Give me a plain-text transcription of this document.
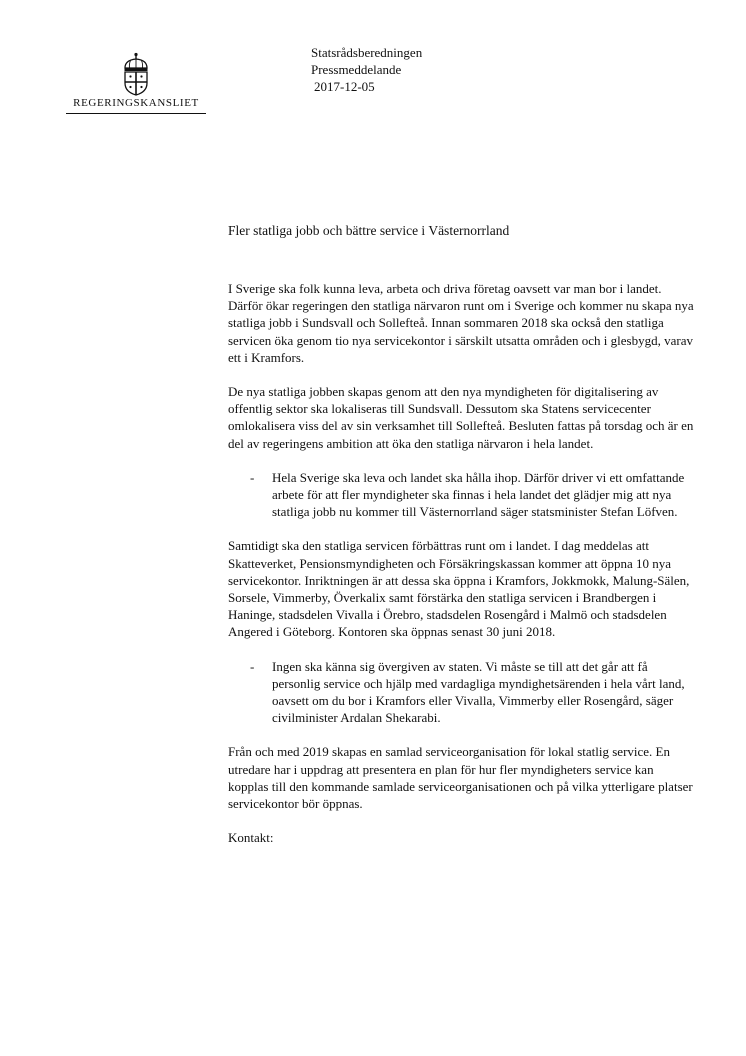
REGERINGSKANSLIET
Statsrådsberedningen
Pressmeddelande
2017-12-05
Fler statliga jobb och bättre service i Västernorrland

I Sverige ska folk kunna leva, arbeta och driva företag oavsett var man bor i landet. Därför ökar regeringen den statliga närvaron runt om i Sverige och kommer nu skapa nya statliga jobb i Sundsvall och Sollefteå. Innan sommaren 2018 ska också den statliga servicen öka genom tio nya servicekontor i särskilt utsatta områden och i glesbygd, varav ett i Kramfors.

De nya statliga jobben skapas genom att den nya myndigheten för digitalisering av offentlig sektor ska lokaliseras till Sundsvall. Dessutom ska Statens servicecenter omlokalisera viss del av sin verksamhet till Sollefteå. Besluten fattas på torsdag och är en del av regeringens ambition att öka den statliga närvaron i hela landet.

- Hela Sverige ska leva och landet ska hålla ihop. Därför driver vi ett omfattande arbete för att fler myndigheter ska finnas i hela landet det glädjer mig att nya statliga jobb nu kommer till Västernorrland säger statsminister Stefan Löfven.

Samtidigt ska den statliga servicen förbättras runt om i landet. I dag meddelas att Skatteverket, Pensionsmyndigheten och Försäkringskassan kommer att öppna 10 nya servicekontor. Inriktningen är att dessa ska öppna i Kramfors, Jokkmokk, Malung-Sälen, Sorsele, Vimmerby, Överkalix samt förstärka den statliga servicen i Brandbergen i Haninge, stadsdelen Vivalla i Örebro, stadsdelen Rosengård i Malmö och stadsdelen Angered i Göteborg. Kontoren ska öppnas senast 30 juni 2018.

- Ingen ska känna sig övergiven av staten. Vi måste se till att det går att få personlig service och hjälp med vardagliga myndighetsärenden i hela vårt land, oavsett om du bor i Kramfors eller Vivalla, Vimmerby eller Rosengård, säger civilminister Ardalan Shekarabi.

Från och med 2019 skapas en samlad serviceorganisation för lokal statlig service. En utredare har i uppdrag att presentera en plan för hur fler myndigheters service kan kopplas till den kommande samlade serviceorganisationen och på vilka ytterligare platser servicekontor bör öppnas.

Kontakt:
